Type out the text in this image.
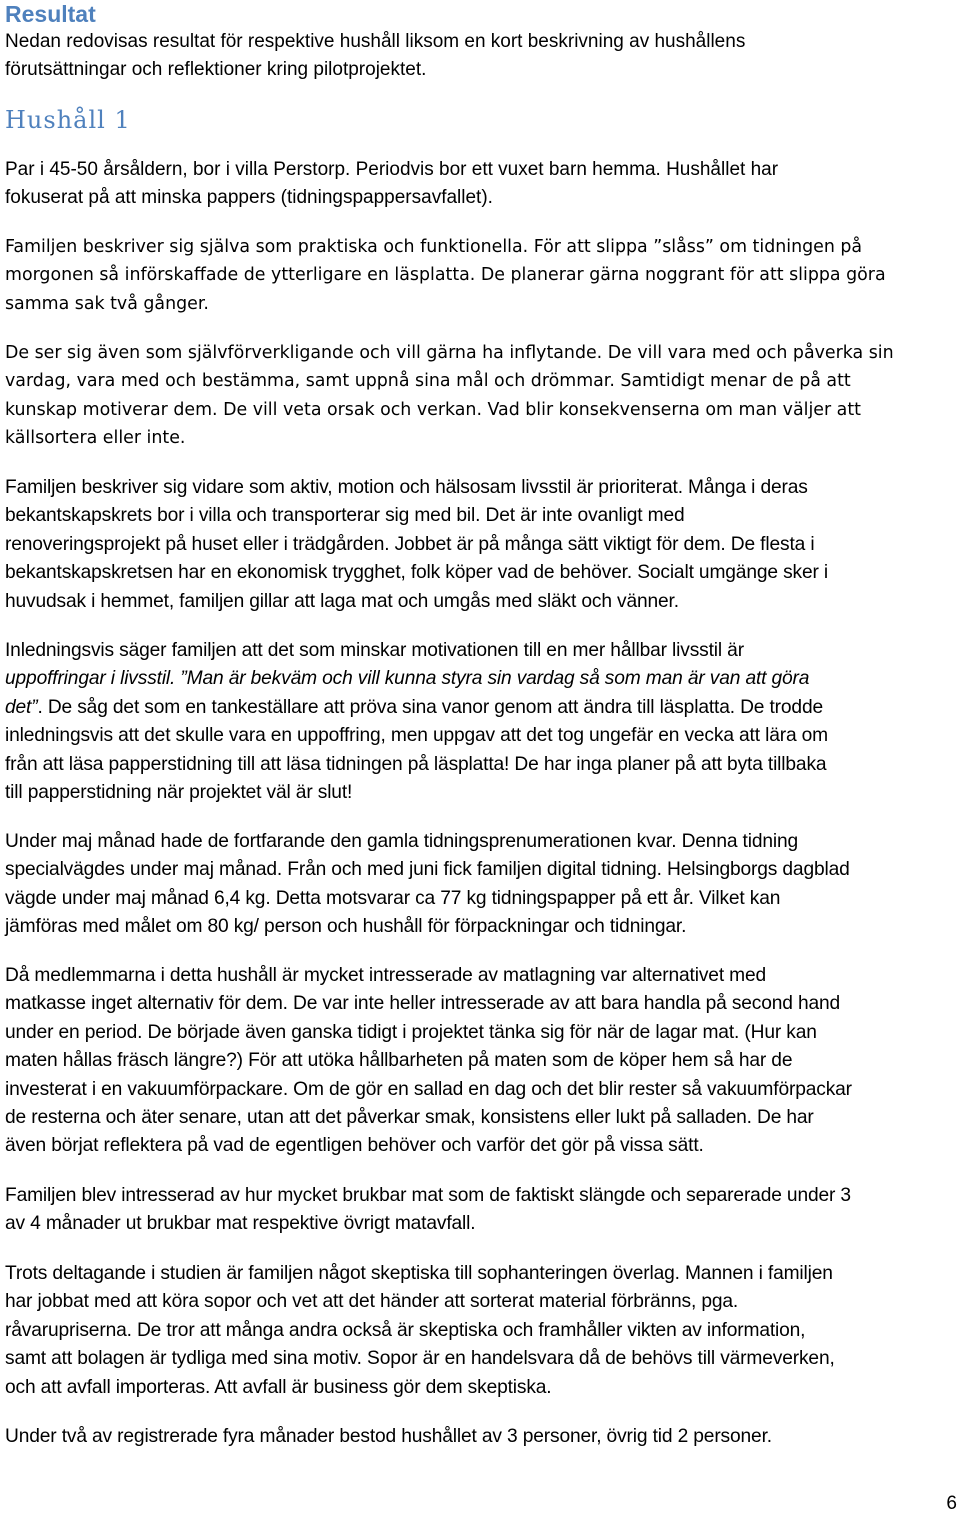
Resultat

Nedan redovisas resultat för respektive hushåll liksom en kort beskrivning av hushållens
förutsättningar och reflektioner kring pilotprojektet.

Hushåll 1

Par i 45-50 årsåldern, bor i villa Perstorp. Periodvis bor ett vuxet barn hemma. Hushållet har
fokuserat på att minska pappers (tidningspappersavfallet).

Familjen beskriver sig själva som praktiska och funktionella. För att slippa ”slåss” om tidningen på
morgonen så införskaffade de ytterligare en läsplatta. De planerar gärna noggrant för att slippa göra
samma sak två gånger.

De ser sig även som självförverkligande och vill gärna ha inflytande. De vill vara med och påverka sin
vardag, vara med och bestämma, samt uppnå sina mål och drömmar. Samtidigt menar de på att
kunskap motiverar dem. De vill veta orsak och verkan. Vad blir konsekvenserna om man väljer att
källsortera eller inte.

Familjen beskriver sig vidare som aktiv, motion och hälsosam livsstil är prioriterat. Många i deras
bekantskapskrets bor i villa och transporterar sig med bil. Det är inte ovanligt med
renoveringsprojekt på huset eller i trädgården. Jobbet är på många sätt viktigt för dem. De flesta i
bekantskapskretsen har en ekonomisk trygghet, folk köper vad de behöver. Socialt umgänge sker i
huvudsak i hemmet, familjen gillar att laga mat och umgås med släkt och vänner.

Inledningsvis säger familjen att det som minskar motivationen till en mer hållbar livsstil är
uppoffringar i livsstil. ”Man är bekväm och vill kunna styra sin vardag så som man är van att göra
det”. De såg det som en tankeställare att pröva sina vanor genom att ändra till läsplatta. De trodde
inledningsvis att det skulle vara en uppoffring, men uppgav att det tog ungefär en vecka att lära om
från att läsa papperstidning till att läsa tidningen på läsplatta! De har inga planer på att byta tillbaka
till papperstidning när projektet väl är slut!

Under maj månad hade de fortfarande den gamla tidningsprenumerationen kvar. Denna tidning
specialvägdes under maj månad. Från och med juni fick familjen digital tidning. Helsingborgs dagblad
vägde under maj månad 6,4 kg. Detta motsvarar ca 77 kg tidningspapper på ett år. Vilket kan
jämföras med målet om 80 kg/ person och hushåll för förpackningar och tidningar.

Då medlemmarna i detta hushåll är mycket intresserade av matlagning var alternativet med
matkasse inget alternativ för dem. De var inte heller intresserade av att bara handla på second hand
under en period. De började även ganska tidigt i projektet tänka sig för när de lagar mat. (Hur kan
maten hållas fräsch längre?) För att utöka hållbarheten på maten som de köper hem så har de
investerat i en vakuumförpackare. Om de gör en sallad en dag och det blir rester så vakuumförpackar
de resterna och äter senare, utan att det påverkar smak, konsistens eller lukt på salladen. De har
även börjat reflektera på vad de egentligen behöver och varför det gör på vissa sätt.

Familjen blev intresserad av hur mycket brukbar mat som de faktiskt slängde och separerade under 3
av 4 månader ut brukbar mat respektive övrigt matavfall.

Trots deltagande i studien är familjen något skeptiska till sophanteringen överlag. Mannen i familjen
har jobbat med att köra sopor och vet att det händer att sorterat material förbränns, pga.
råvarupriserna. De tror att många andra också är skeptiska och framhåller vikten av information,
samt att bolagen är tydliga med sina motiv. Sopor är en handelsvara då de behövs till värmeverken,
och att avfall importeras. Att avfall är business gör dem skeptiska.

Under två av registrerade fyra månader bestod hushållet av 3 personer, övrig tid 2 personer.

6
